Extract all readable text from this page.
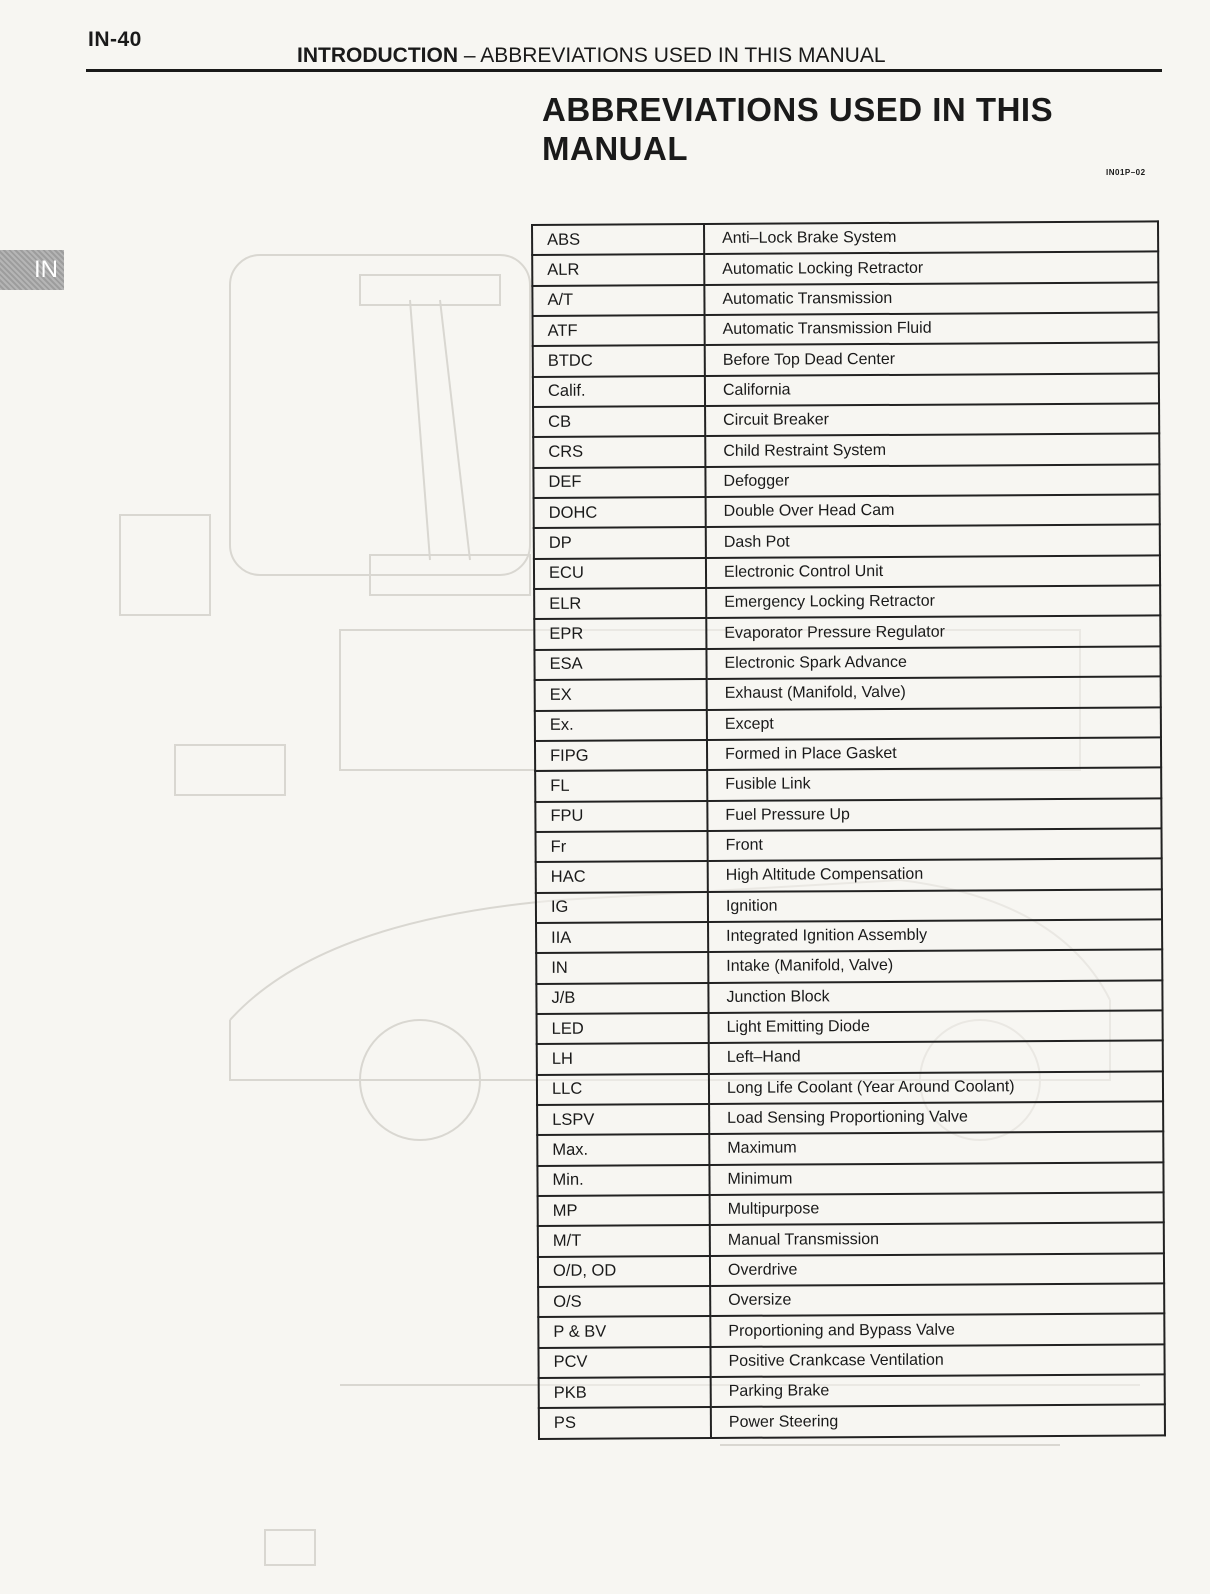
IN-40
INTRODUCTION – ABBREVIATIONS USED IN THIS MANUAL
IN
ABBREVIATIONS USED IN THIS MANUAL
IN01P–02
ABS	Anti–Lock Brake System
ALR	Automatic Locking Retractor
A/T	Automatic Transmission
ATF	Automatic Transmission Fluid
BTDC	Before Top Dead Center
Calif.	California
CB	Circuit Breaker
CRS	Child Restraint System
DEF	Defogger
DOHC	Double Over Head Cam
DP	Dash Pot
ECU	Electronic Control Unit
ELR	Emergency Locking Retractor
EPR	Evaporator Pressure Regulator
ESA	Electronic Spark Advance
EX	Exhaust (Manifold, Valve)
Ex.	Except
FIPG	Formed in Place Gasket
FL	Fusible Link
FPU	Fuel Pressure Up
Fr	Front
HAC	High Altitude Compensation
IG	Ignition
IIA	Integrated Ignition Assembly
IN	Intake (Manifold, Valve)
J/B	Junction Block
LED	Light Emitting Diode
LH	Left–Hand
LLC	Long Life Coolant (Year Around Coolant)
LSPV	Load Sensing Proportioning Valve
Max.	Maximum
Min.	Minimum
MP	Multipurpose
M/T	Manual Transmission
O/D, OD	Overdrive
O/S	Oversize
P & BV	Proportioning and Bypass Valve
PCV	Positive Crankcase Ventilation
PKB	Parking Brake
PS	Power Steering
